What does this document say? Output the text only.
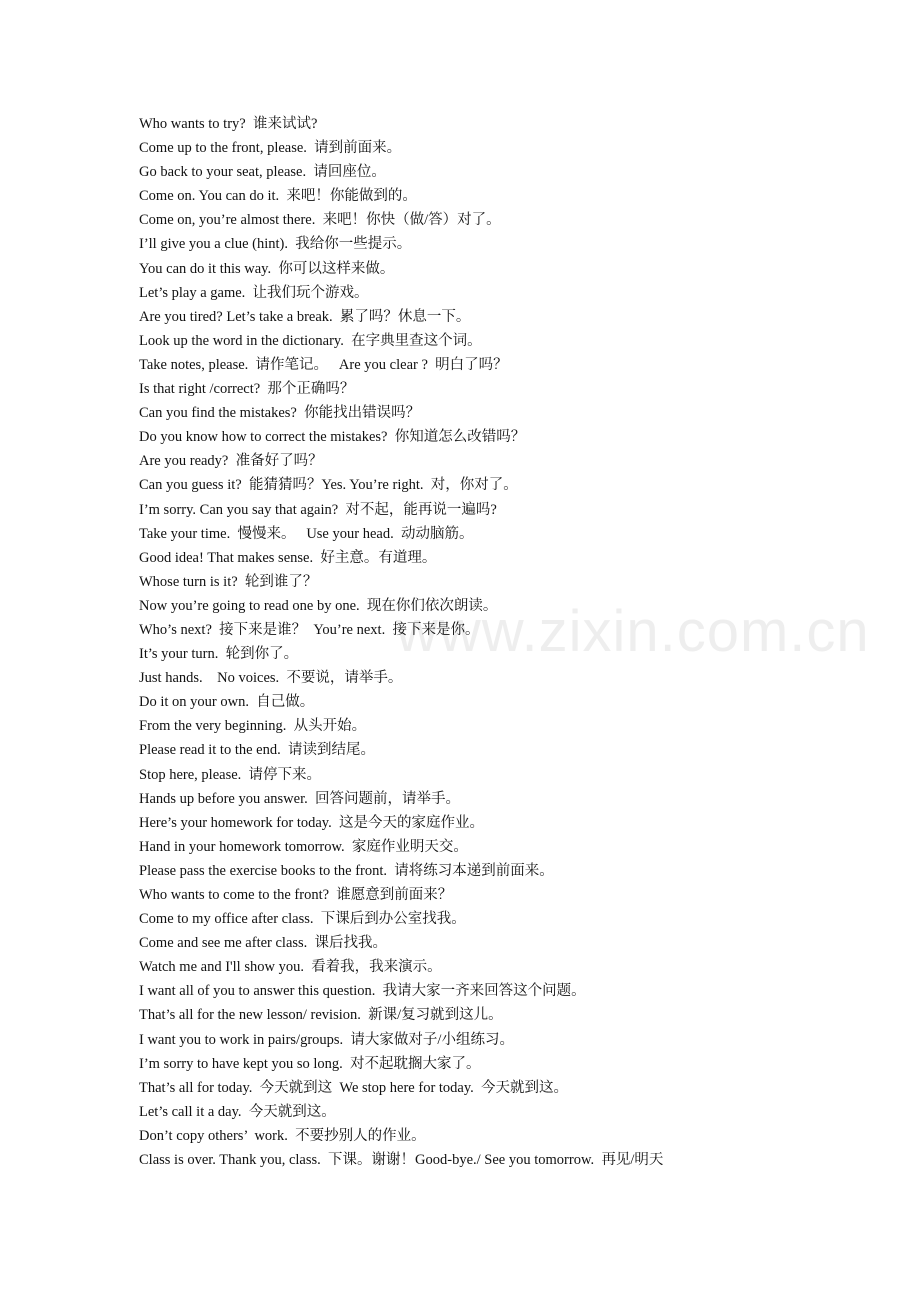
www.zixin.com.cn
Who wants to try?  谁来试试?
Come up to the front, please.  请到前面来。
Go back to your seat, please.  请回座位。
Come on. You can do it.  来吧！你能做到的。
Come on, you’re almost there.  来吧！你快（做/答）对了。
I’ll give you a clue (hint).  我给你一些提示。
You can do it this way.  你可以这样来做。
Let’s play a game.  让我们玩个游戏。
Are you tired? Let’s take a break.  累了吗？休息一下。
Look up the word in the dictionary.  在字典里查这个词。
Take notes, please.  请作笔记。   Are you clear ?  明白了吗？
Is that right /correct?  那个正确吗？
Can you find the mistakes?  你能找出错误吗？
Do you know how to correct the mistakes?  你知道怎么改错吗？
Are you ready?  准备好了吗？
Can you guess it?  能猜猜吗？Yes. You’re right.  对，你对了。
I’m sorry. Can you say that again?  对不起，能再说一遍吗?
Take your time.  慢慢来。   Use your head.  动动脑筋。
Good idea! That makes sense.  好主意。有道理。
Whose turn is it?  轮到谁了？
Now you’re going to read one by one.  现在你们依次朗读。
Who’s next?  接下来是谁？  You’re next.  接下来是你。
It’s your turn.  轮到你了。
Just hands.    No voices.  不要说，请举手。
Do it on your own.  自己做。
From the very beginning.  从头开始。
Please read it to the end.  请读到结尾。
Stop here, please.  请停下来。
Hands up before you answer.  回答问题前，请举手。
Here’s your homework for today.  这是今天的家庭作业。
Hand in your homework tomorrow.  家庭作业明天交。
Please pass the exercise books to the front.  请将练习本递到前面来。
Who wants to come to the front?  谁愿意到前面来？
Come to my office after class.  下课后到办公室找我。
Come and see me after class.  课后找我。
Watch me and I'll show you.  看着我，我来演示。
I want all of you to answer this question.  我请大家一齐来回答这个问题。
That’s all for the new lesson/ revision.  新课/复习就到这儿。
I want you to work in pairs/groups.  请大家做对子/小组练习。
I’m sorry to have kept you so long.  对不起耽搁大家了。
That’s all for today.  今天就到这  We stop here for today.  今天就到这。
Let’s call it a day.  今天就到这。
Don’t copy others’  work.  不要抄别人的作业。
Class is over. Thank you, class.  下课。谢谢！Good-bye./ See you tomorrow.  再见/明天
